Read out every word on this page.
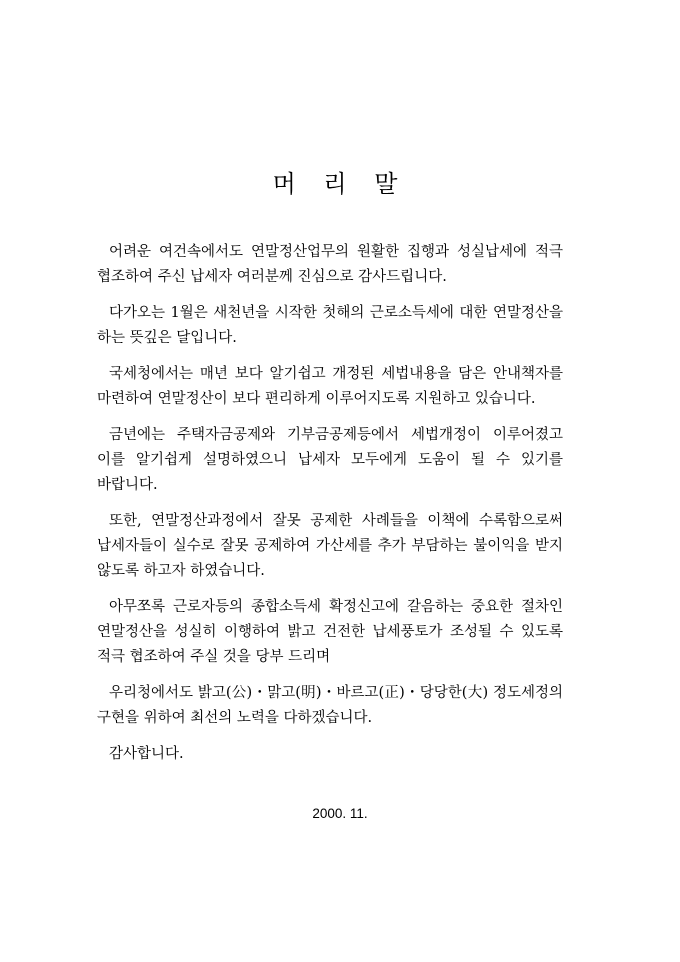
머 리 말

어려운 여건속에서도 연말정산업무의 원활한 집행과 성실납세에 적극 협조하여 주신 납세자 여러분께 진심으로 감사드립니다.

다가오는 1월은 새천년을 시작한 첫해의 근로소득세에 대한 연말정산을 하는 뜻깊은 달입니다.

국세청에서는 매년 보다 알기쉽고 개정된 세법내용을 담은 안내책자를 마련하여 연말정산이 보다 편리하게 이루어지도록 지원하고 있습니다.

금년에는 주택자금공제와 기부금공제등에서 세법개정이 이루어졌고 이를 알기쉽게 설명하였으니 납세자 모두에게 도움이 될 수 있기를 바랍니다.

또한, 연말정산과정에서 잘못 공제한 사례들을 이책에 수록함으로써 납세자들이 실수로 잘못 공제하여 가산세를 추가 부담하는 불이익을 받지 않도록 하고자 하였습니다.

아무쪼록 근로자등의 종합소득세 확정신고에 갈음하는 중요한 절차인 연말정산을 성실히 이행하여 밝고 건전한 납세풍토가 조성될 수 있도록 적극 협조하여 주실 것을 당부 드리며

우리청에서도 밝고(公)・맑고(明)・바르고(正)・당당한(大) 정도세정의 구현을 위하여 최선의 노력을 다하겠습니다.

감사합니다.

2000. 11.
